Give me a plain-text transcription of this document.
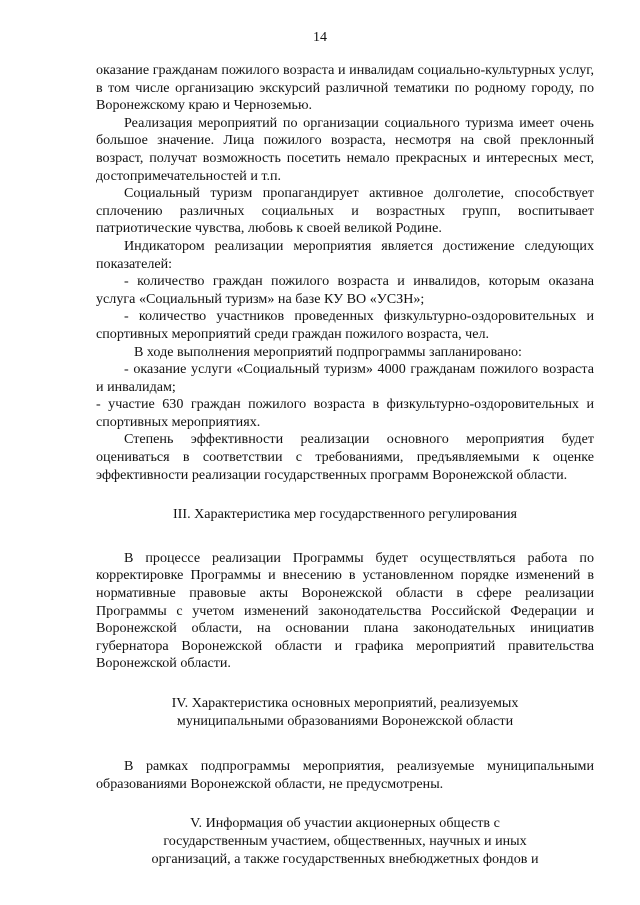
14

оказание гражданам пожилого возраста и инвалидам социально-культурных услуг, в том числе организацию экскурсий различной тематики по родному городу, по Воронежскому краю и Черноземью.

Реализация мероприятий по организации социального туризма имеет очень большое значение. Лица пожилого возраста, несмотря на свой преклонный возраст, получат возможность посетить немало прекрасных и интересных мест, достопримечательностей и т.п.

Социальный туризм пропагандирует активное долголетие, способствует сплочению различных социальных и возрастных групп, воспитывает патриотические чувства, любовь к своей великой Родине.

Индикатором реализации мероприятия является достижение следующих показателей:

- количество граждан пожилого возраста и инвалидов, которым оказана услуга «Социальный туризм» на базе КУ ВО «УСЗН»;

- количество участников проведенных физкультурно-оздоровительных и спортивных мероприятий среди граждан пожилого возраста, чел.

В ходе выполнения мероприятий подпрограммы запланировано:

- оказание услуги «Социальный туризм» 4000 гражданам пожилого возраста и инвалидам;

- участие 630 граждан пожилого возраста в физкультурно-оздоровительных и спортивных мероприятиях.

Степень эффективности реализации основного мероприятия будет оцениваться в соответствии с требованиями, предъявляемыми к оценке эффективности реализации государственных программ Воронежской области.

III. Характеристика мер государственного регулирования

В процессе реализации Программы будет осуществляться работа по корректировке Программы и внесению в установленном порядке изменений в нормативные правовые акты Воронежской области в сфере реализации Программы с учетом изменений законодательства Российской Федерации и Воронежской области, на основании плана законодательных инициатив губернатора Воронежской области и графика мероприятий правительства Воронежской области.

IV. Характеристика основных мероприятий, реализуемых

муниципальными образованиями Воронежской области

В рамках подпрограммы мероприятия, реализуемые муниципальными образованиями Воронежской области, не предусмотрены.

V. Информация об участии акционерных обществ с

государственным участием, общественных, научных и иных

организаций, а также государственных внебюджетных фондов и
